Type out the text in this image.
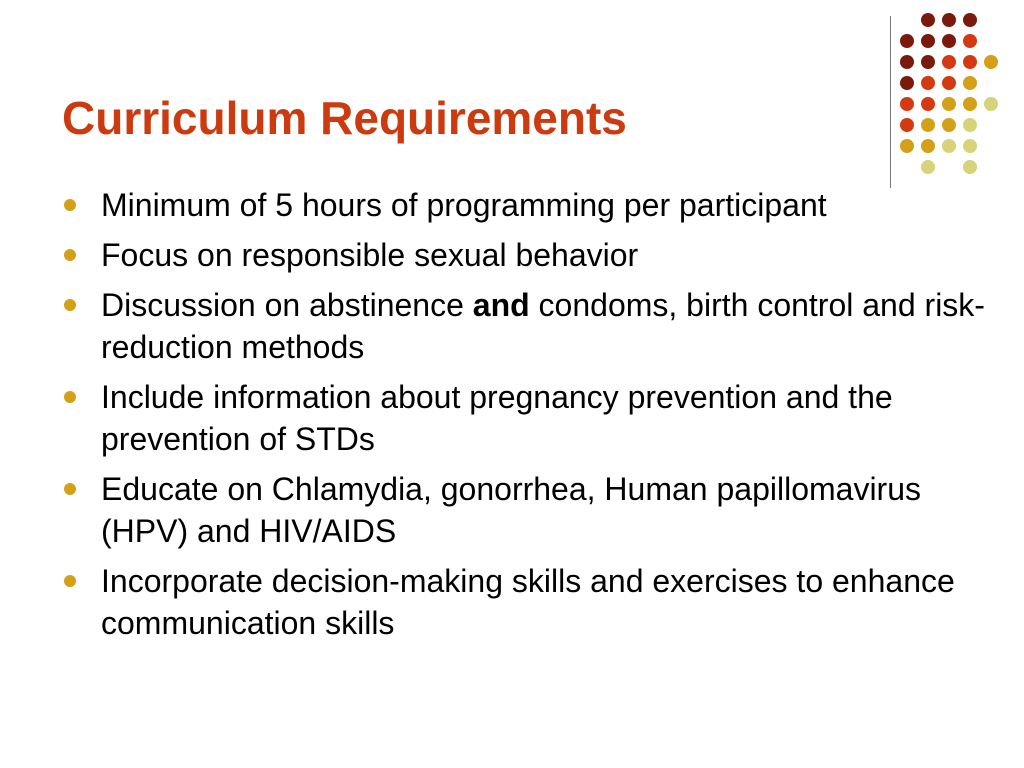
Curriculum Requirements
Minimum of 5 hours of programming per participant
Focus on responsible sexual behavior
Discussion on abstinence and condoms, birth control and risk-reduction methods
Include information about pregnancy prevention and the prevention of STDs
Educate on Chlamydia, gonorrhea, Human papillomavirus (HPV) and HIV/AIDS
Incorporate decision-making skills and exercises to enhance communication skills
